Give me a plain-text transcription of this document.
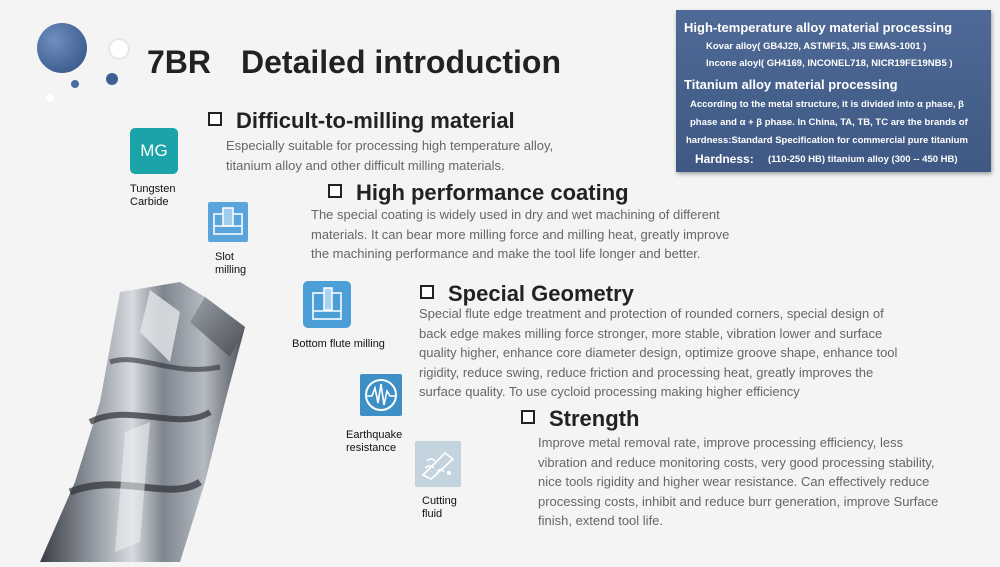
7BR Detailed introduction
High-temperature alloy material processing
Kovar alloy( GB4J29, ASTMF15, JIS EMAS-1001 )
Incone aloyl( GH4169, INCONEL718, NICR19FE19NB5 )
Titanium alloy material processing
According to the metal structure, it is divided into α phase, β
phase and α + β phase. In China, TA, TB, TC are the brands of
hardness:Standard Specification for commercial pure titanium
Hardness: (110-250 HB) titanium alloy (300 -- 450 HB)
Difficult-to-milling material
Especially suitable for processing high temperature alloy,
titanium alloy and other difficult milling materials.
High performance coating
The special coating is widely used in dry and wet machining of different
materials. It can bear more milling force and milling heat, greatly improve
the machining performance and make the tool life longer and better.
Special Geometry
Special flute edge treatment and protection of rounded corners, special design of
back edge makes milling force stronger, more stable, vibration lower and surface
quality higher, enhance core diameter design, optimize groove shape, enhance tool
rigidity, reduce swing, reduce friction and processing heat, greatly improves the
surface quality. To use cycloid processing making higher efficiency
Strength
Improve metal removal rate, improve processing efficiency, less
vibration and reduce monitoring costs, very good processing stability,
nice tools rigidity and higher wear resistance. Can effectively reduce
processing costs, inhibit and reduce burr generation, improve Surface
finish, extend tool life.
MG
Tungsten
Carbide
Slot
milling
Bottom flute milling
Earthquake
resistance
Cutting
fluid
